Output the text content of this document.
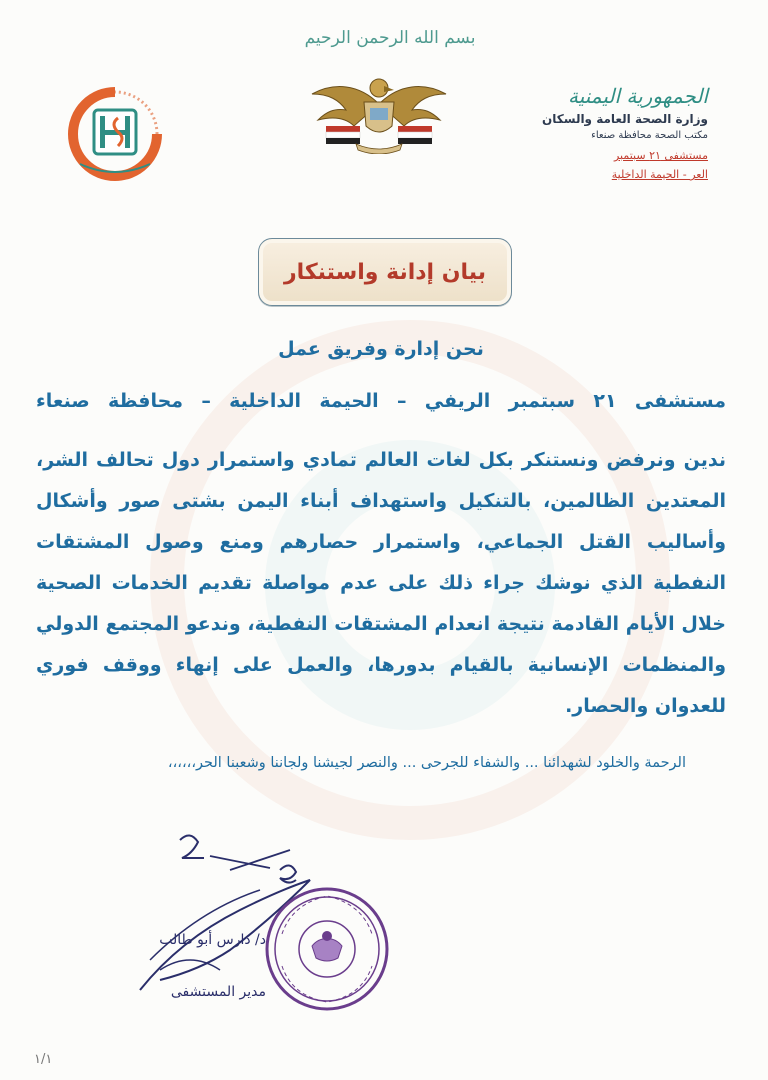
بسم الله الرحمن الرحيم
الجمهورية اليمنية
وزارة الصحة العامة والسكان
مكتب الصحة محافظة صنعاء
مستشفى ٢١ سبتمبر
العر - الحيمة الداخلية
بيان إدانة واستنكار
نحن إدارة وفريق عمل
مستشفى ٢١ سبتمبر الريفي – الحيمة الداخلية – محافظة صنعاء
ندين ونرفض ونستنكر بكل لغات العالم تمادي واستمرار دول تحالف الشر، المعتدين الظالمين، بالتنكيل واستهداف أبناء اليمن بشتى صور وأشكال وأساليب القتل الجماعي، واستمرار حصارهم ومنع وصول المشتقات النفطية الذي نوشك جراء ذلك على عدم مواصلة تقديم الخدمات الصحية خلال الأيام القادمة نتيجة انعدام المشتقات النفطية، وندعو المجتمع الدولي والمنظمات الإنسانية بالقيام بدورها، والعمل على إنهاء ووقف فوري للعدوان والحصار.
الرحمة والخلود لشهدائنا ... والشفاء للجرحى ... والنصر لجيشنا ولجاننا وشعبنا الحر،،،،،،
د/ دارس أبو طالب
مدير المستشفى
١/١
